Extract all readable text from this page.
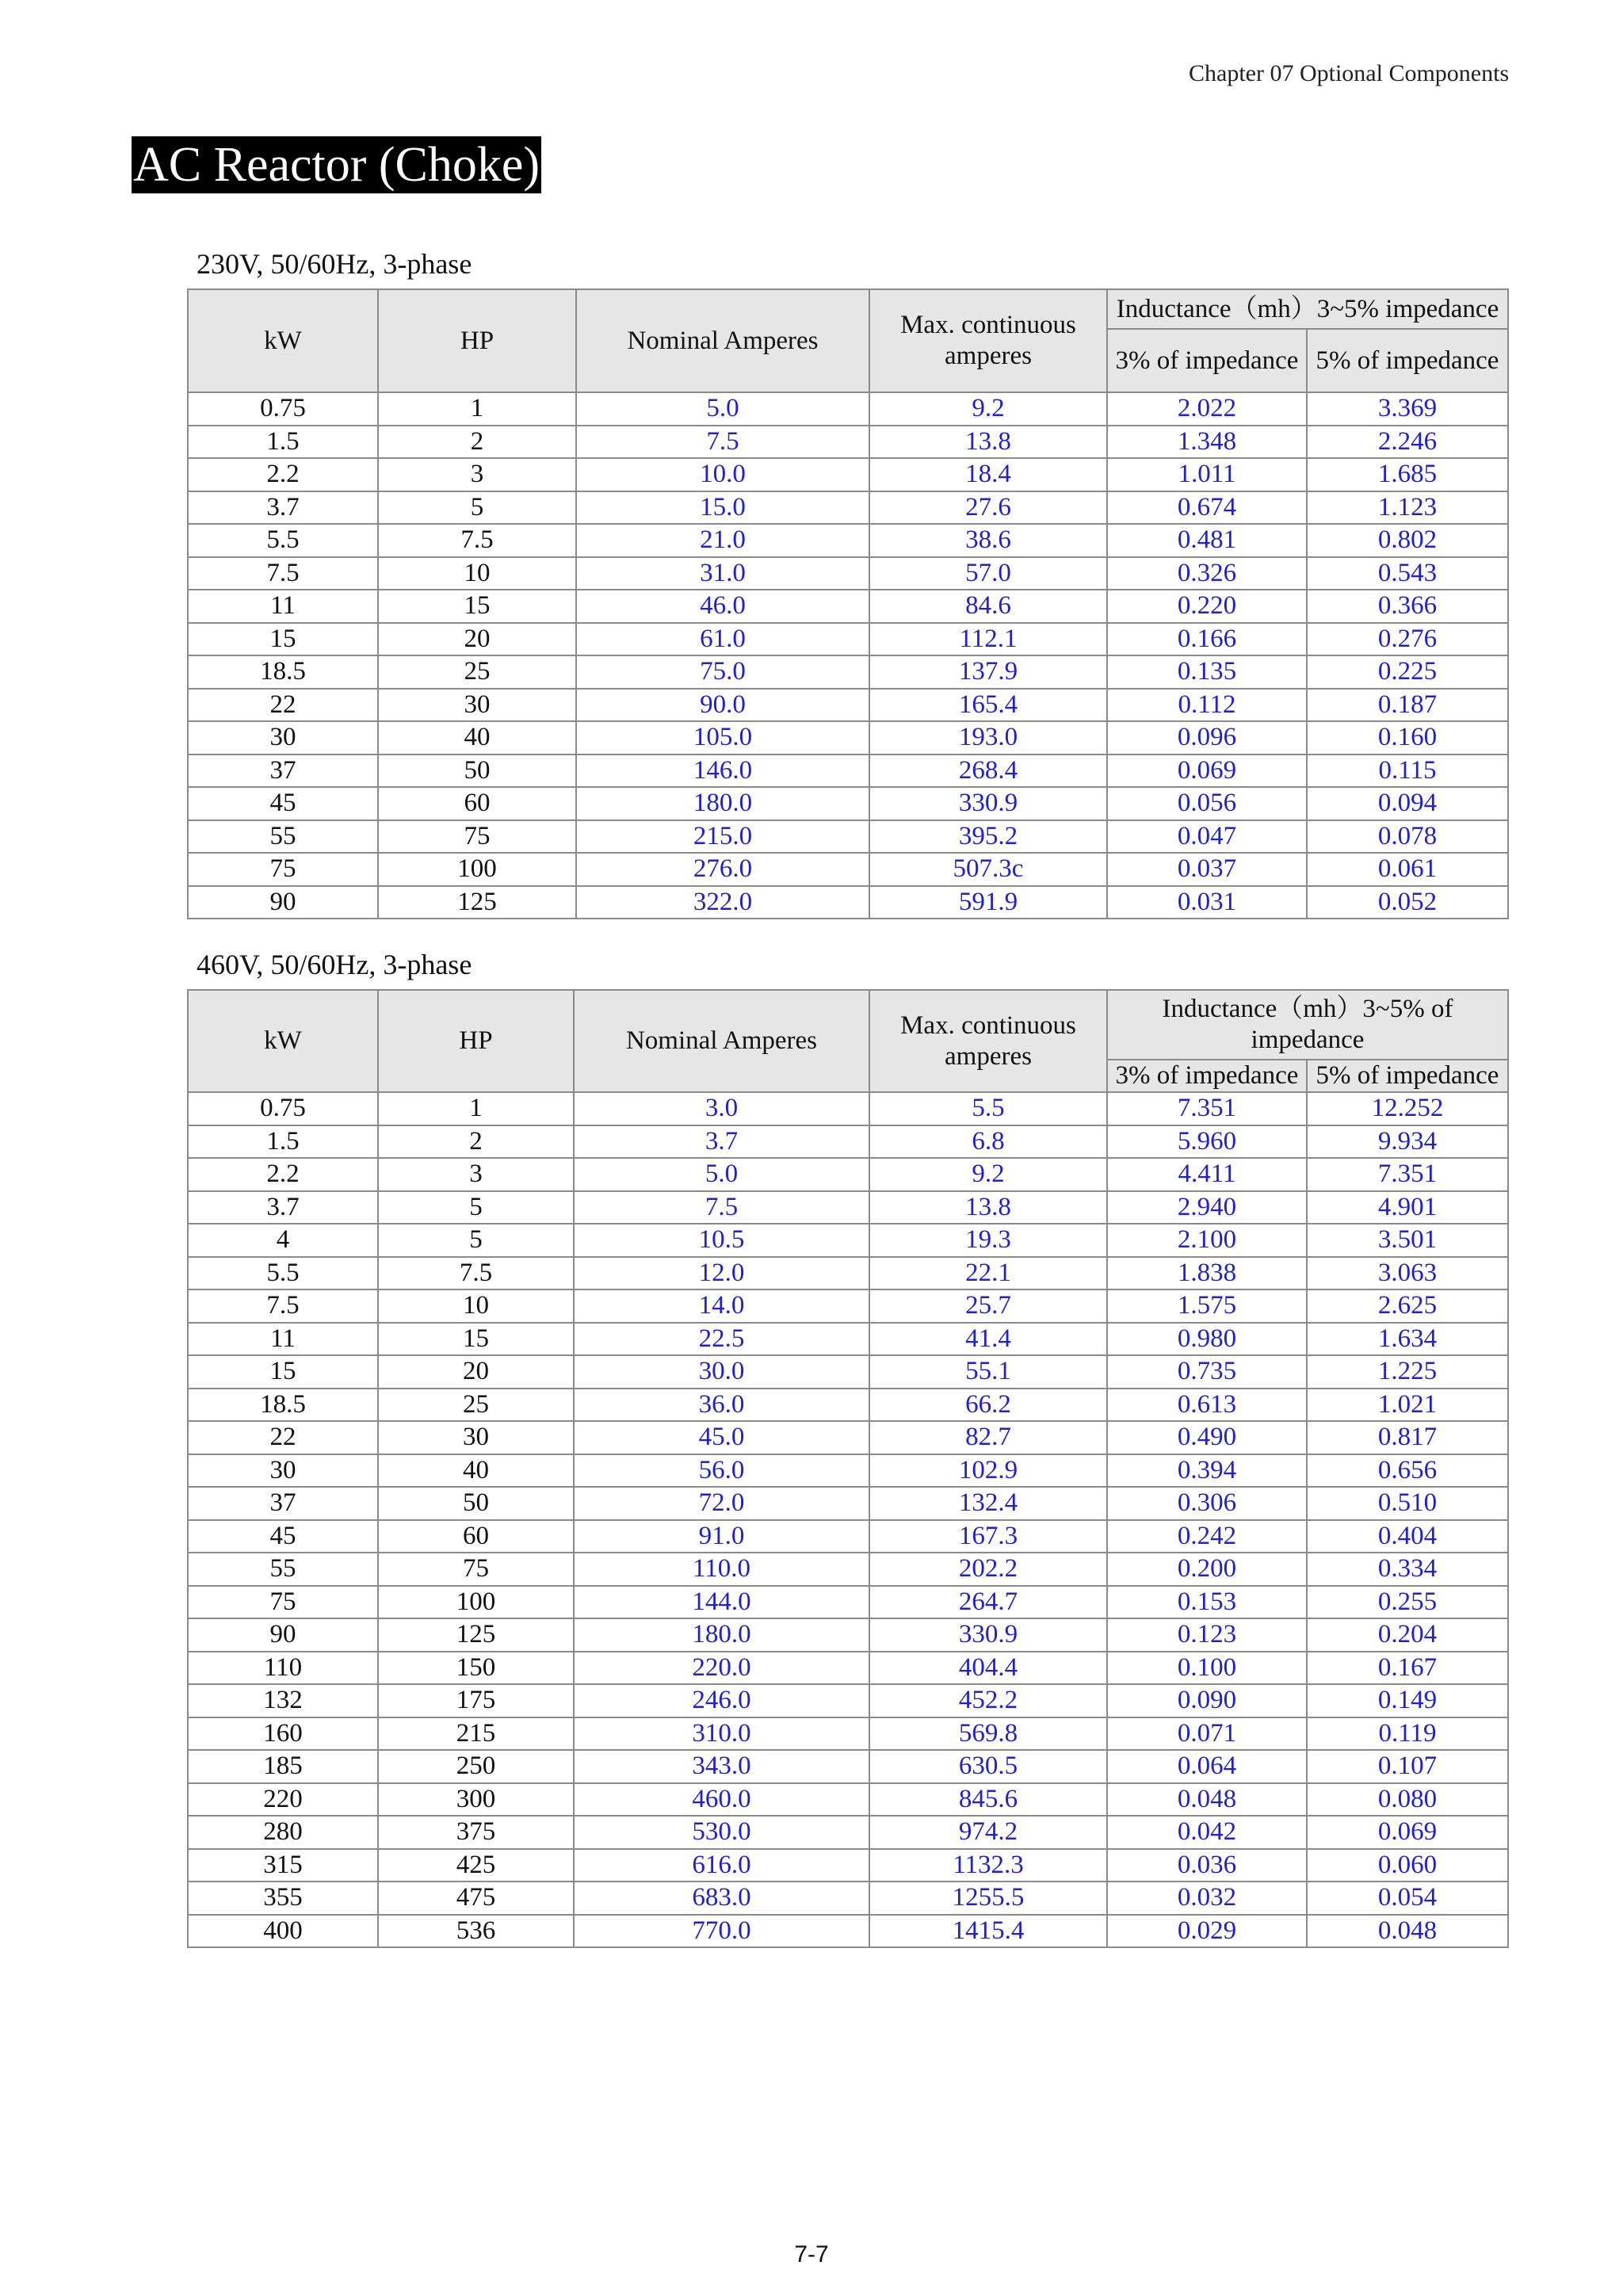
Chapter 07 Optional Components
AC Reactor (Choke)
230V, 50/60Hz, 3-phase
kW	HP	Nominal Amperes	Max. continuous amperes	Inductance（mh）3~5% impedance	
				3% of impedance	5% of impedance
0.75	1	5.0	9.2	2.022	3.369
1.5	2	7.5	13.8	1.348	2.246
2.2	3	10.0	18.4	1.011	1.685
3.7	5	15.0	27.6	0.674	1.123
5.5	7.5	21.0	38.6	0.481	0.802
7.5	10	31.0	57.0	0.326	0.543
11	15	46.0	84.6	0.220	0.366
15	20	61.0	112.1	0.166	0.276
18.5	25	75.0	137.9	0.135	0.225
22	30	90.0	165.4	0.112	0.187
30	40	105.0	193.0	0.096	0.160
37	50	146.0	268.4	0.069	0.115
45	60	180.0	330.9	0.056	0.094
55	75	215.0	395.2	0.047	0.078
75	100	276.0	507.3c	0.037	0.061
90	125	322.0	591.9	0.031	0.052
460V, 50/60Hz, 3-phase
kW	HP	Nominal Amperes	Max. continuous amperes	Inductance（mh）3~5% of impedance	
				3% of impedance	5% of impedance
0.75	1	3.0	5.5	7.351	12.252
1.5	2	3.7	6.8	5.960	9.934
2.2	3	5.0	9.2	4.411	7.351
3.7	5	7.5	13.8	2.940	4.901
4	5	10.5	19.3	2.100	3.501
5.5	7.5	12.0	22.1	1.838	3.063
7.5	10	14.0	25.7	1.575	2.625
11	15	22.5	41.4	0.980	1.634
15	20	30.0	55.1	0.735	1.225
18.5	25	36.0	66.2	0.613	1.021
22	30	45.0	82.7	0.490	0.817
30	40	56.0	102.9	0.394	0.656
37	50	72.0	132.4	0.306	0.510
45	60	91.0	167.3	0.242	0.404
55	75	110.0	202.2	0.200	0.334
75	100	144.0	264.7	0.153	0.255
90	125	180.0	330.9	0.123	0.204
110	150	220.0	404.4	0.100	0.167
132	175	246.0	452.2	0.090	0.149
160	215	310.0	569.8	0.071	0.119
185	250	343.0	630.5	0.064	0.107
220	300	460.0	845.6	0.048	0.080
280	375	530.0	974.2	0.042	0.069
315	425	616.0	1132.3	0.036	0.060
355	475	683.0	1255.5	0.032	0.054
400	536	770.0	1415.4	0.029	0.048
7-7
